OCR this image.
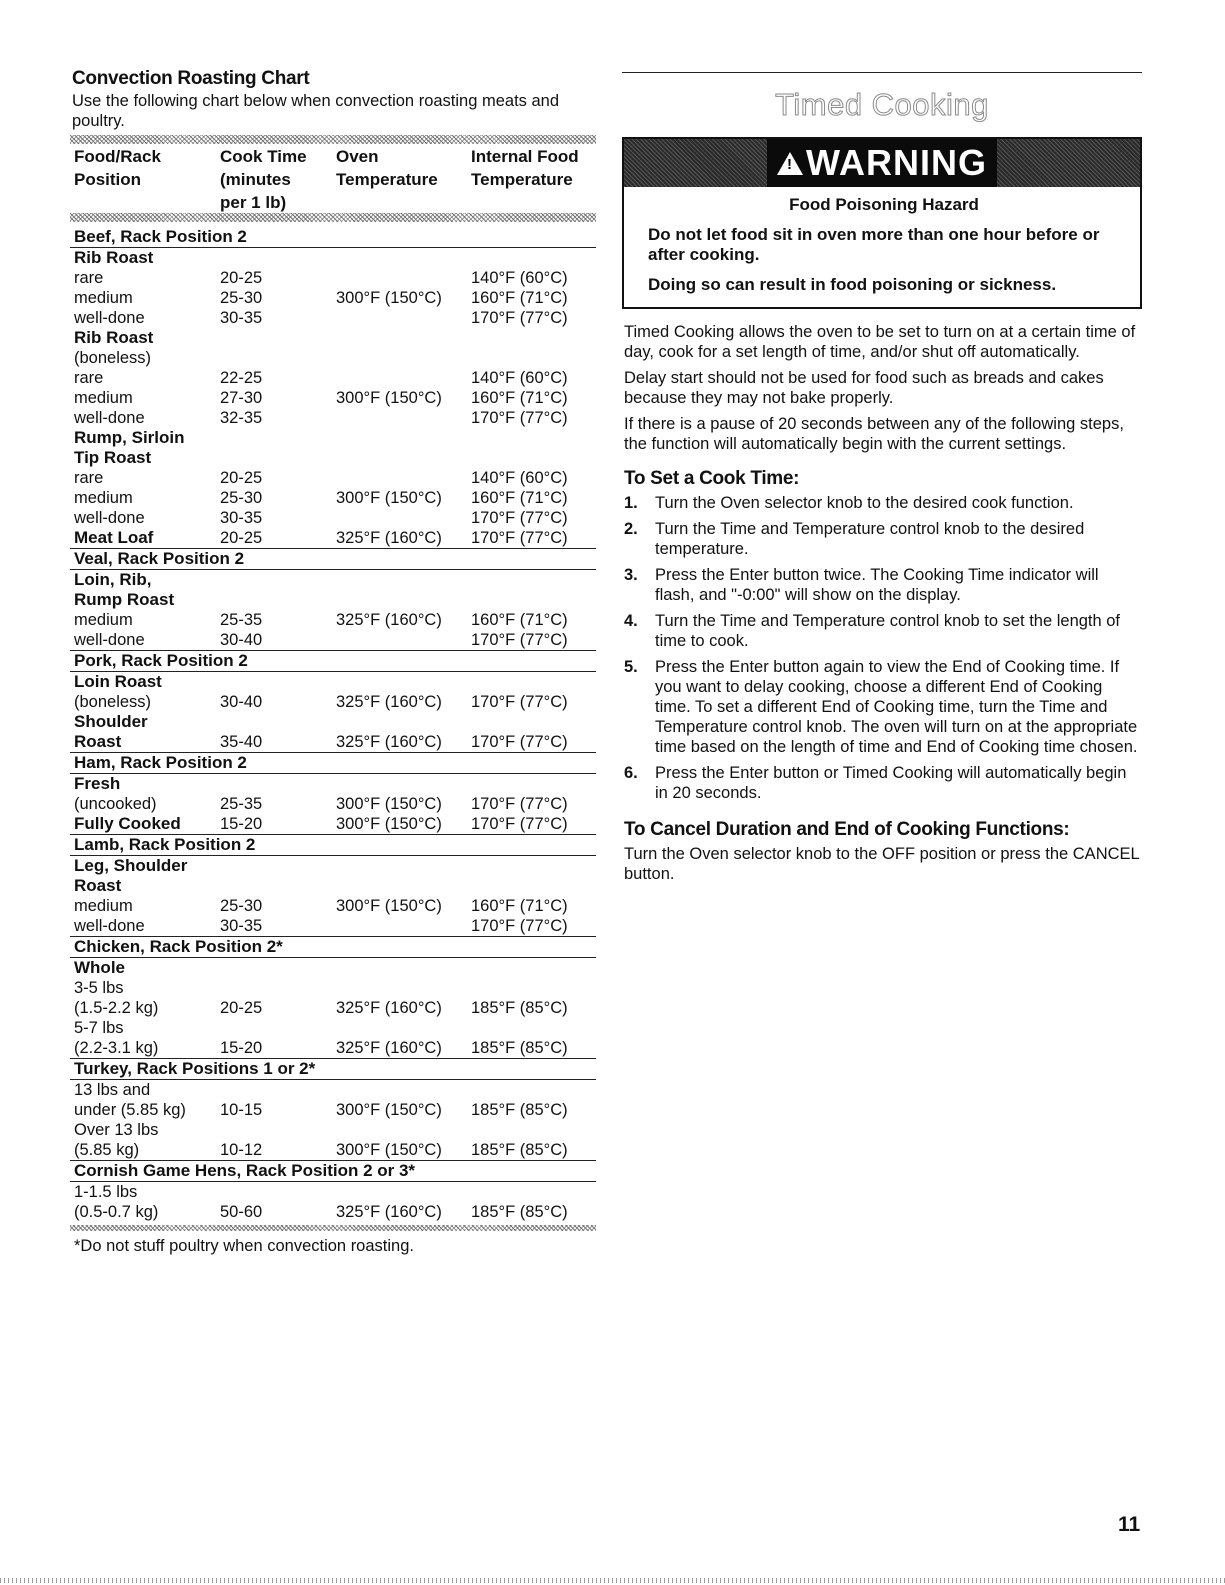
Convection Roasting Chart
Use the following chart below when convection roasting meats and poultry.
Food/Rack	Cook Time	Oven	Internal Food
Position	(minutes	Temperature	Temperature
	per 1 lb)		
Beef, Rack Position 2			
Rib Roast			
rare	20-25		140°F (60°C)
medium	25-30	300°F (150°C)	160°F (71°C)
well-done	30-35		170°F (77°C)
Rib Roast			
(boneless)			
rare	22-25		140°F (60°C)
medium	27-30	300°F (150°C)	160°F (71°C)
well-done	32-35		170°F (77°C)
Rump, Sirloin			
Tip Roast			
rare	20-25		140°F (60°C)
medium	25-30	300°F (150°C)	160°F (71°C)
well-done	30-35		170°F (77°C)
Meat Loaf	20-25	325°F (160°C)	170°F (77°C)
Veal, Rack Position 2			
Loin, Rib,			
Rump Roast			
medium	25-35	325°F (160°C)	160°F (71°C)
well-done	30-40		170°F (77°C)
Pork, Rack Position 2			
Loin Roast			
(boneless)	30-40	325°F (160°C)	170°F (77°C)
Shoulder			
Roast	35-40	325°F (160°C)	170°F (77°C)
Ham, Rack Position 2			
Fresh			
(uncooked)	25-35	300°F (150°C)	170°F (77°C)
Fully Cooked	15-20	300°F (150°C)	170°F (77°C)
Lamb, Rack Position 2			
Leg, Shoulder			
Roast			
medium	25-30	300°F (150°C)	160°F (71°C)
well-done	30-35		170°F (77°C)
Chicken, Rack Position 2*			
Whole			
3-5 lbs			
(1.5-2.2 kg)	20-25	325°F (160°C)	185°F (85°C)
5-7 lbs			
(2.2-3.1 kg)	15-20	325°F (160°C)	185°F (85°C)
Turkey, Rack Positions 1 or 2*			
13 lbs and			
under (5.85 kg)	10-15	300°F (150°C)	185°F (85°C)
Over 13 lbs			
(5.85 kg)	10-12	300°F (150°C)	185°F (85°C)
Cornish Game Hens, Rack Position 2 or 3*			
1-1.5 lbs			
(0.5-0.7 kg)	50-60	325°F (160°C)	185°F (85°C)
*Do not stuff poultry when convection roasting.
Timed Cooking
! WARNING
Food Poisoning Hazard

Do not let food sit in oven more than one hour before or after cooking.

Doing so can result in food poisoning or sickness.

Timed Cooking allows the oven to be set to turn on at a certain time of day, cook for a set length of time, and/or shut off automatically.

Delay start should not be used for food such as breads and cakes because they may not bake properly.

If there is a pause of 20 seconds between any of the following steps, the function will automatically begin with the current settings.

To Set a Cook Time:
1.	Turn the Oven selector knob to the desired cook function.
2.	Turn the Time and Temperature control knob to the desired temperature.
3.	Press the Enter button twice. The Cooking Time indicator will flash, and "-0:00" will show on the display.
4.	Turn the Time and Temperature control knob to set the length of time to cook.
5.	Press the Enter button again to view the End of Cooking time. If you want to delay cooking, choose a different End of Cooking time. To set a different End of Cooking time, turn the Time and Temperature control knob. The oven will turn on at the appropriate time based on the length of time and End of Cooking time chosen.
6.	Press the Enter button or Timed Cooking will automatically begin in 20 seconds.
To Cancel Duration and End of Cooking Functions:

Turn the Oven selector knob to the OFF position or press the CANCEL button.

11
